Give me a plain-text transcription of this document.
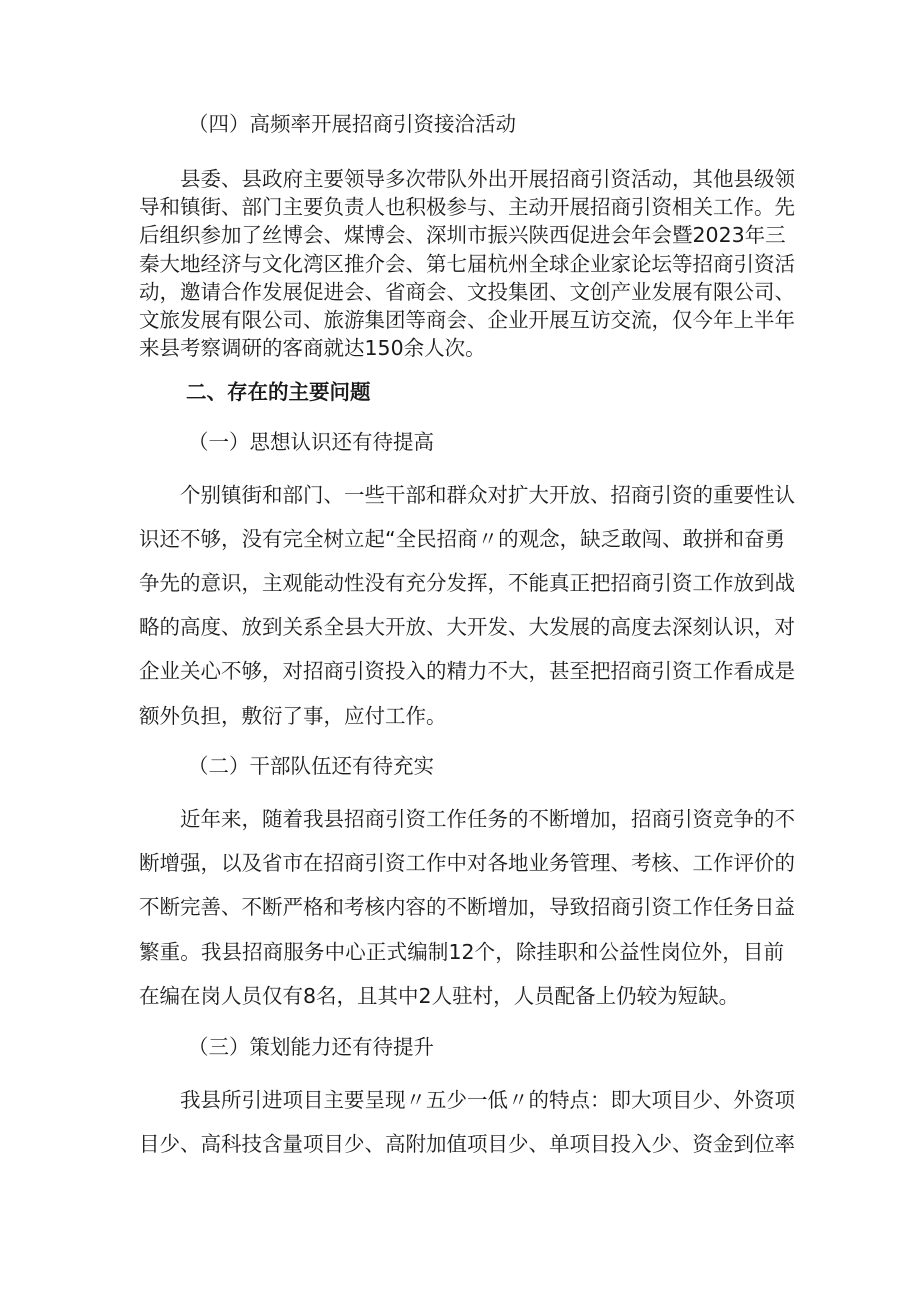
（四）高频率开展招商引资接洽活动
县委、县政府主要领导多次带队外出开展招商引资活动，其他县级领
导和镇街、部门主要负责人也积极参与、主动开展招商引资相关工作。先
后组织参加了丝博会、煤博会、深圳市振兴陕西促进会年会暨2023年三
秦大地经济与文化湾区推介会、第七届杭州全球企业家论坛等招商引资活
动，邀请合作发展促进会、省商会、文投集团、文创产业发展有限公司、
文旅发展有限公司、旅游集团等商会、企业开展互访交流，仅今年上半年
来县考察调研的客商就达150余人次。
二、存在的主要问题
（一）思想认识还有待提高
个别镇街和部门、一些干部和群众对扩大开放、招商引资的重要性认
识还不够，没有完全树立起“全民招商〃的观念，缺乏敢闯、敢拼和奋勇
争先的意识，主观能动性没有充分发挥，不能真正把招商引资工作放到战
略的高度、放到关系全县大开放、大开发、大发展的高度去深刻认识，对
企业关心不够，对招商引资投入的精力不大，甚至把招商引资工作看成是
额外负担，敷衍了事，应付工作。
（二）干部队伍还有待充实
近年来，随着我县招商引资工作任务的不断增加，招商引资竞争的不
断增强，以及省市在招商引资工作中对各地业务管理、考核、工作评价的
不断完善、不断严格和考核内容的不断增加，导致招商引资工作任务日益
繁重。我县招商服务中心正式编制12个，除挂职和公益性岗位外，目前
在编在岗人员仅有8名，且其中2人驻村，人员配备上仍较为短缺。
（三）策划能力还有待提升
我县所引进项目主要呈现〃五少一低〃的特点：即大项目少、外资项
目少、高科技含量项目少、高附加值项目少、单项目投入少、资金到位率
